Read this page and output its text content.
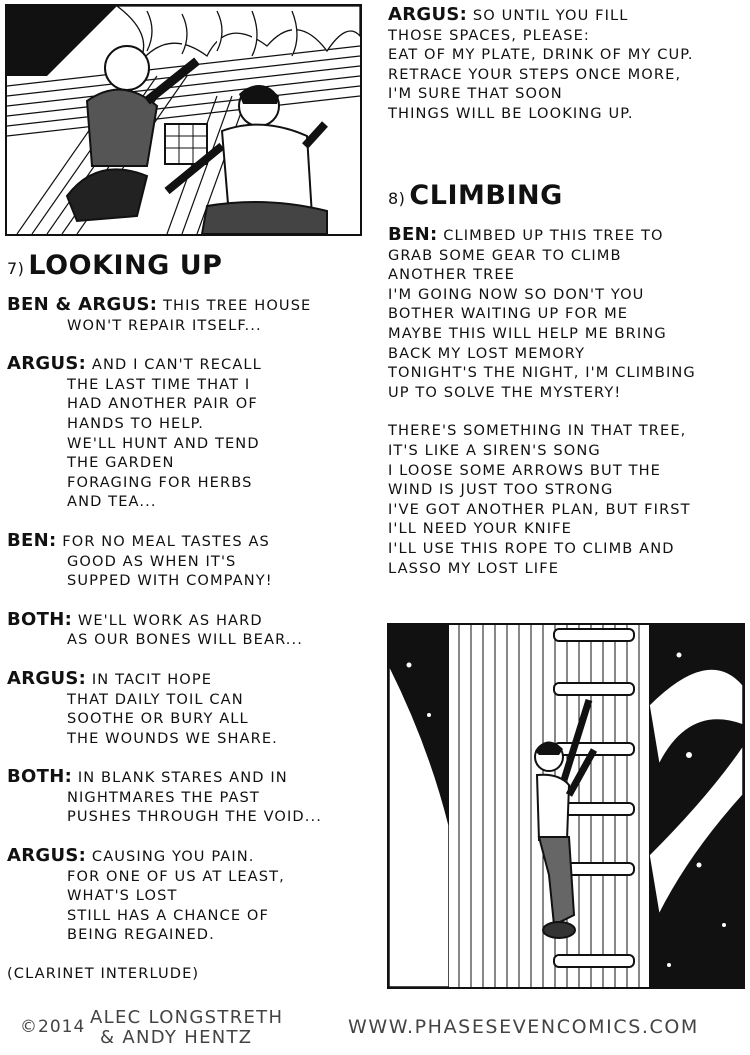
ARGUS: SO UNTIL YOU FILL
THOSE SPACES, PLEASE:
EAT OF MY PLATE, DRINK OF MY CUP.
RETRACE YOUR STEPS ONCE MORE,
I'M SURE THAT SOON
THINGS WILL BE LOOKING UP.
8) CLIMBING
BEN: CLIMBED UP THIS TREE TO
GRAB SOME GEAR TO CLIMB
ANOTHER TREE
I'M GOING NOW SO DON'T YOU
BOTHER WAITING UP FOR ME
MAYBE THIS WILL HELP ME BRING
BACK MY LOST MEMORY
TONIGHT'S THE NIGHT, I'M CLIMBING
UP TO SOLVE THE MYSTERY!
THERE'S SOMETHING IN THAT TREE,
IT'S LIKE A SIREN'S SONG
I LOOSE SOME ARROWS BUT THE
WIND IS JUST TOO STRONG
I'VE GOT ANOTHER PLAN, BUT FIRST
I'LL NEED YOUR KNIFE
I'LL USE THIS ROPE TO CLIMB AND
LASSO MY LOST LIFE
7) LOOKING UP
BEN & ARGUS: THIS TREE HOUSE
WON'T REPAIR ITSELF...
ARGUS: AND I CAN'T RECALL
THE LAST TIME THAT I
HAD ANOTHER PAIR OF
HANDS TO HELP.
WE'LL HUNT AND TEND
THE GARDEN
FORAGING FOR HERBS
AND TEA...
BEN: FOR NO MEAL TASTES AS
GOOD AS WHEN IT'S
SUPPED WITH COMPANY!
BOTH: WE'LL WORK AS HARD
AS OUR BONES WILL BEAR...
ARGUS: IN TACIT HOPE
THAT DAILY TOIL CAN
SOOTHE OR BURY ALL
THE WOUNDS WE SHARE.
BOTH: IN BLANK STARES AND IN
NIGHTMARES THE PAST
PUSHES THROUGH THE VOID...
ARGUS: CAUSING YOU PAIN.
FOR ONE OF US AT LEAST,
WHAT'S LOST
STILL HAS A CHANCE OF
BEING REGAINED.
(CLARINET INTERLUDE)
©2014 ALEC LONGSTRETH
& ANDY HENTZ	WWW.PHASESEVENCOMICS.COM
